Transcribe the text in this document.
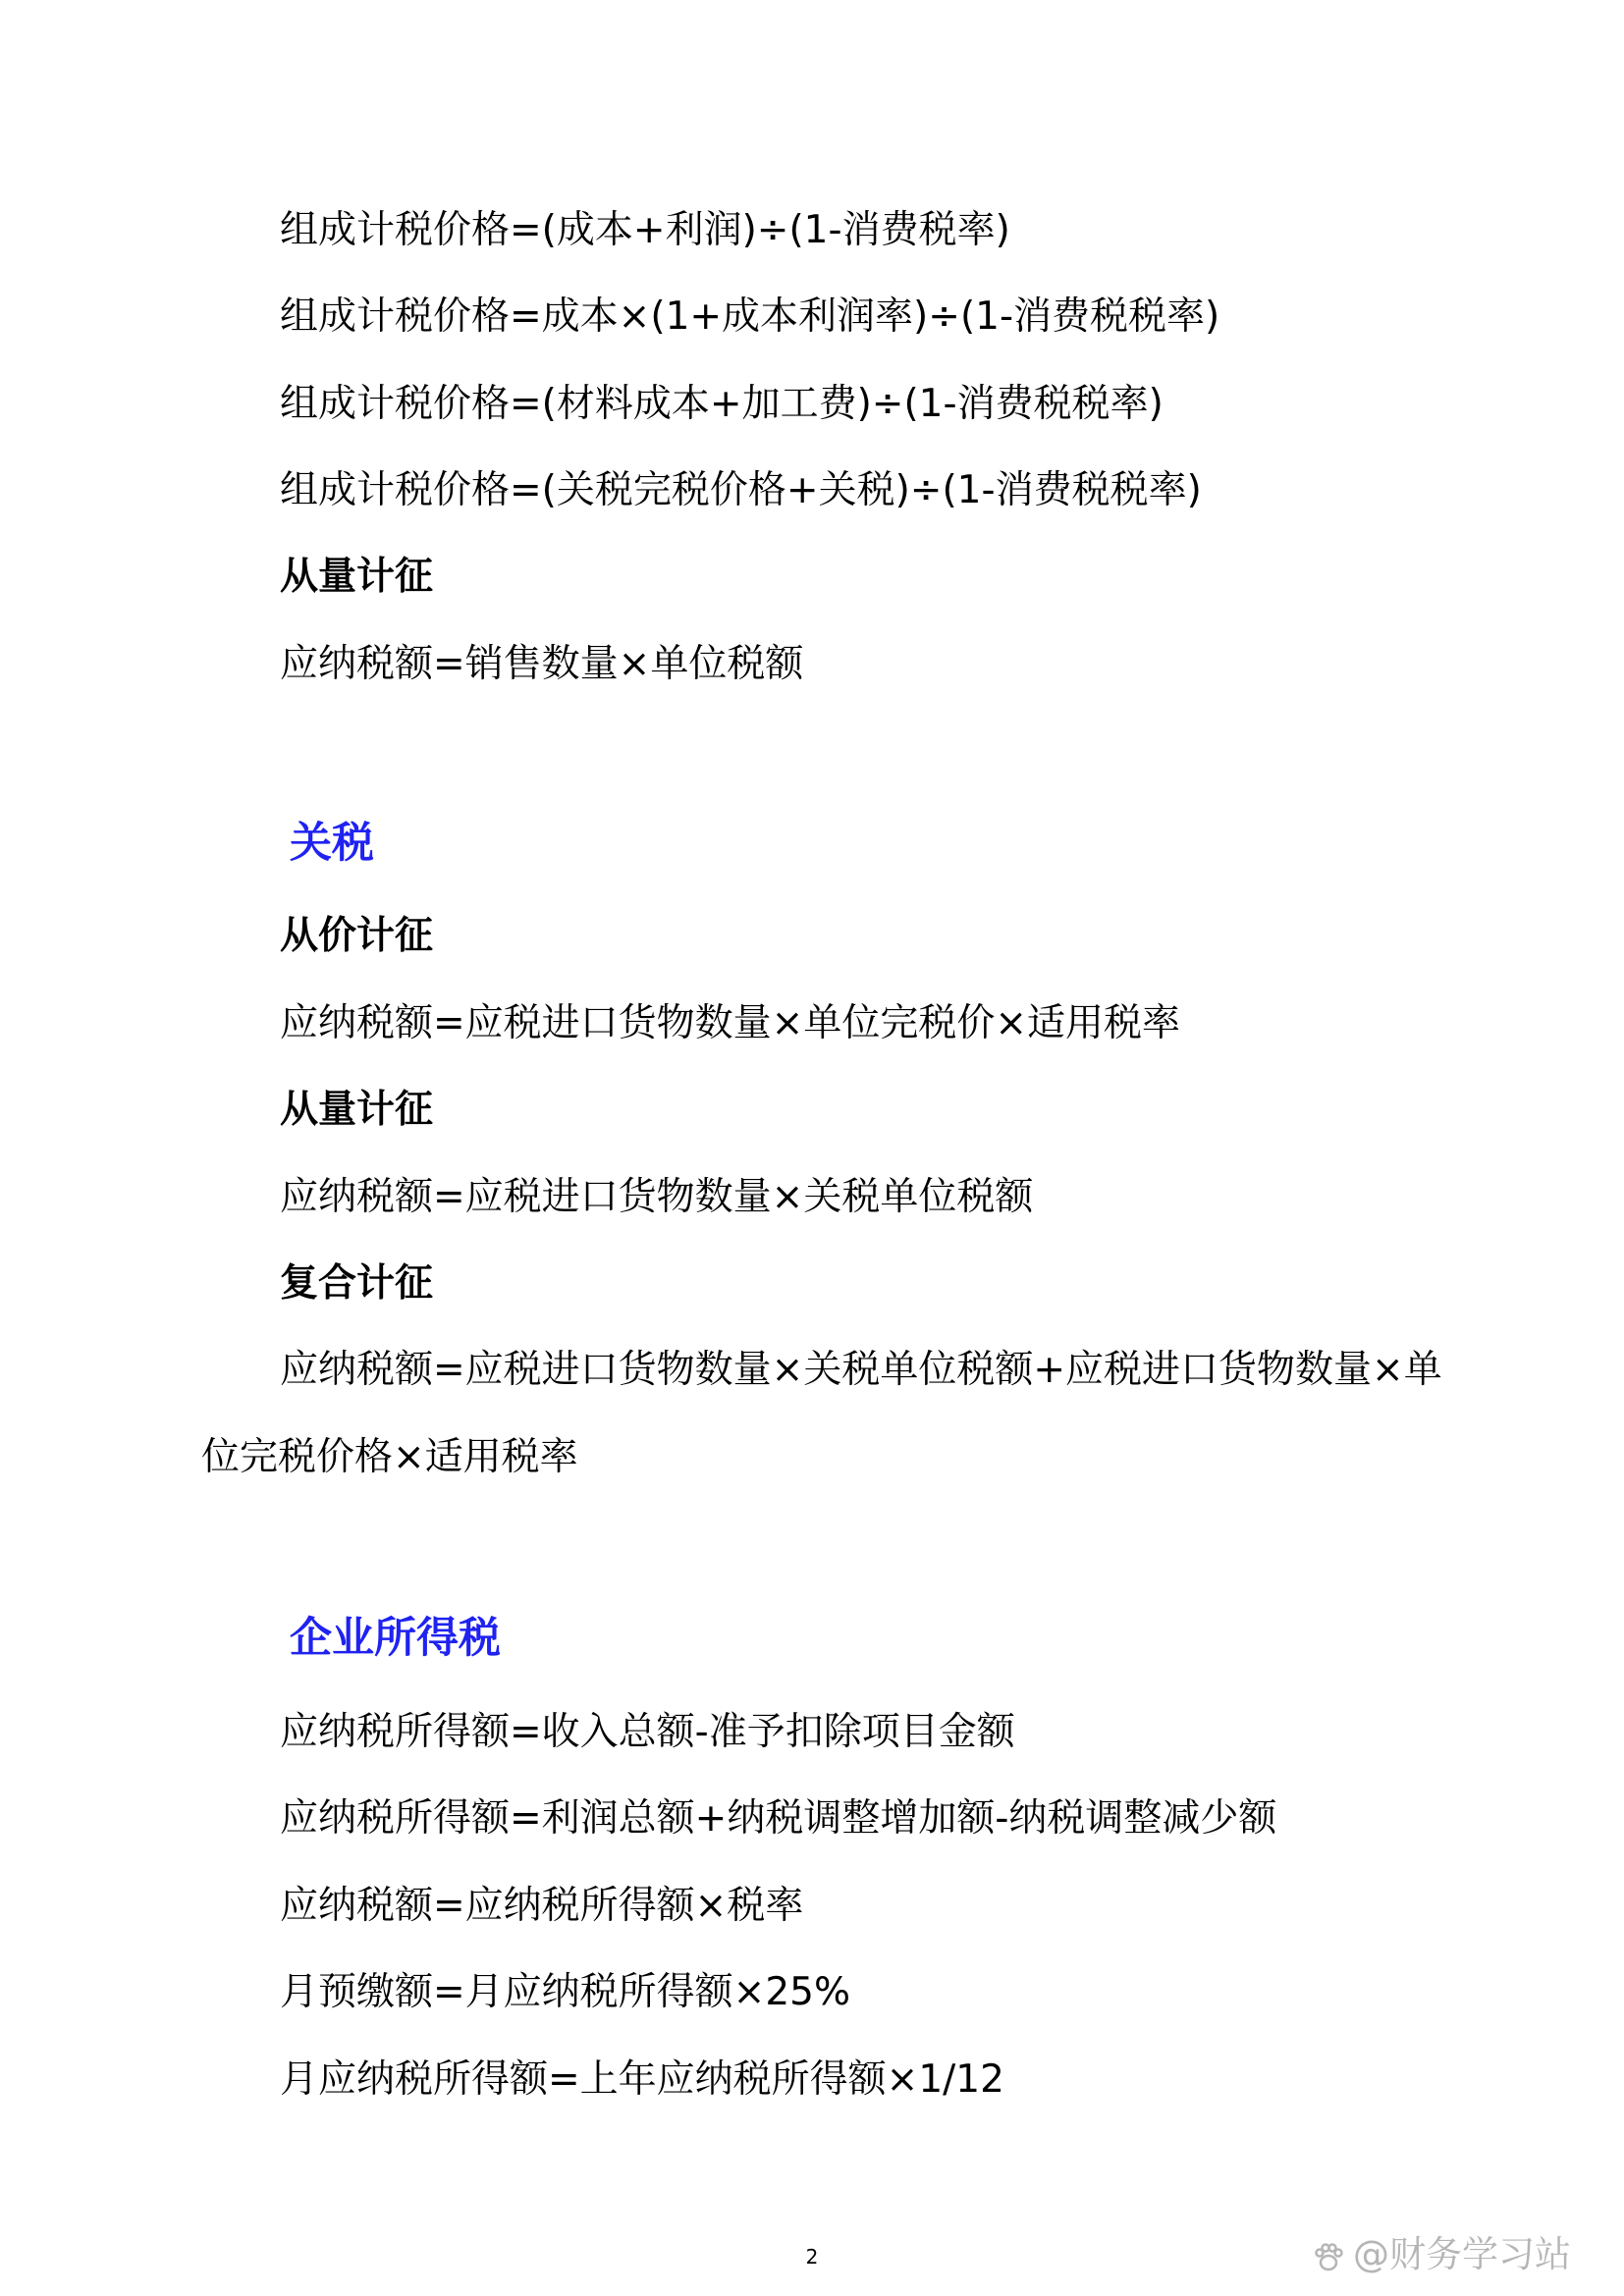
组成计税价格=(成本+利润)÷(1-消费税率)
组成计税价格=成本×(1+成本利润率)÷(1-消费税税率)
组成计税价格=(材料成本+加工费)÷(1-消费税税率)
组成计税价格=(关税完税价格+关税)÷(1-消费税税率)
从量计征
应纳税额=销售数量×单位税额
关税
从价计征
应纳税额=应税进口货物数量×单位完税价×适用税率
从量计征
应纳税额=应税进口货物数量×关税单位税额
复合计征
应纳税额=应税进口货物数量×关税单位税额+应税进口货物数量×单
位完税价格×适用税率
企业所得税
应纳税所得额=收入总额-准予扣除项目金额
应纳税所得额=利润总额+纳税调整增加额-纳税调整减少额
应纳税额=应纳税所得额×税率
月预缴额=月应纳税所得额×25%
月应纳税所得额=上年应纳税所得额×1/12
2	@财务学习站
